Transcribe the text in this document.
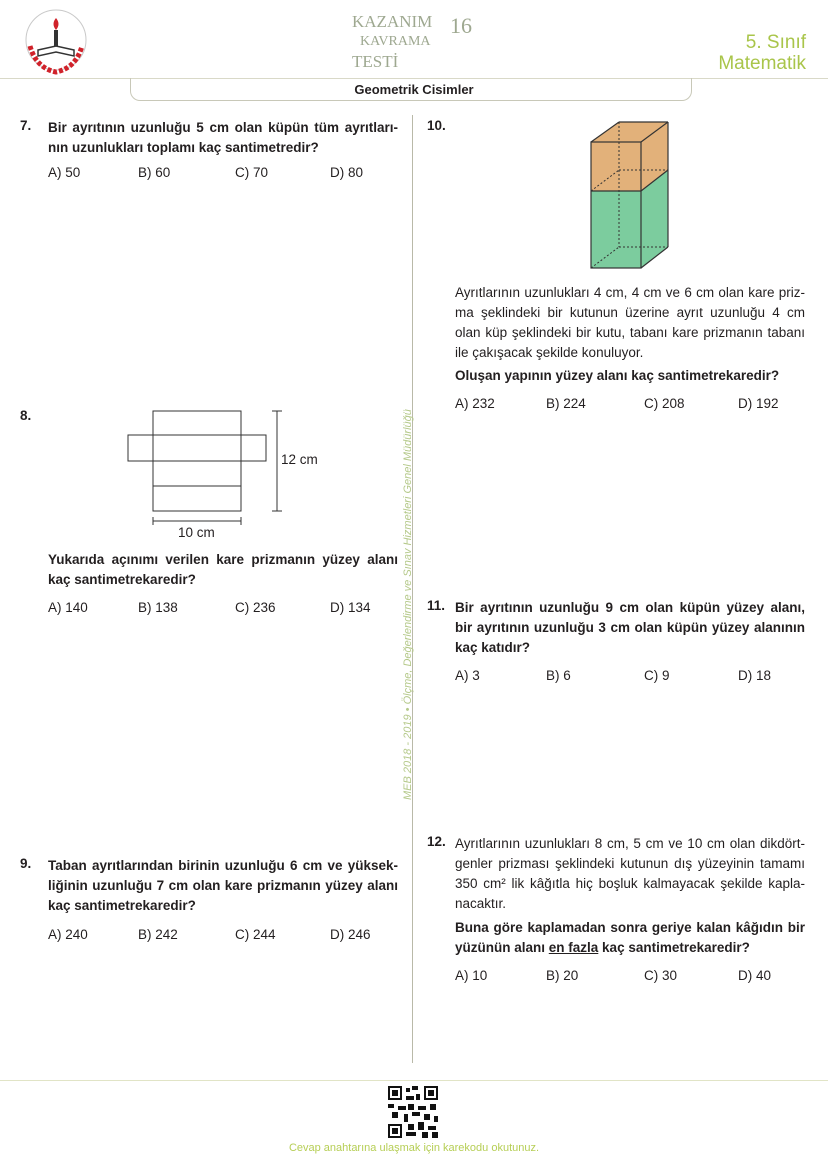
KAZANIM
KAVRAMA
TESTİ
16
5. Sınıf
Matematik
Geometrik Cisimler
MEB 2018 - 2019 • Ölçme, Değerlendirme ve Sınav Hizmetleri Genel Müdürlüğü
7. Bir ayrıtının uzunluğu 5 cm olan küpün tüm ayrıtları-
nın uzunlukları toplamı kaç santimetredir?
A) 50	B) 60	C) 70	D) 80
8.
12 cm
10 cm
Yukarıda açınımı verilen kare prizmanın yüzey alanı
kaç santimetrekaredir?
A) 140	B) 138	C) 236	D) 134
9. Taban ayrıtlarından birinin uzunluğu 6 cm ve yüksek-
liğinin uzunluğu 7 cm olan kare prizmanın yüzey alanı
kaç santimetrekaredir?
A) 240	B) 242	C) 244	D) 246
10.
Ayrıtlarının uzunlukları 4 cm, 4 cm ve 6 cm olan kare priz-
ma şeklindeki bir kutunun üzerine ayrıt uzunluğu 4 cm
olan küp şeklindeki bir kutu, tabanı kare prizmanın tabanı
ile çakışacak şekilde konuluyor.
Oluşan yapının yüzey alanı kaç santimetrekaredir?
A) 232	B) 224	C) 208	D) 192
11. Bir ayrıtının uzunluğu 9 cm olan küpün yüzey alanı,
bir ayrıtının uzunluğu 3 cm olan küpün yüzey alanının
kaç katıdır?
A) 3	B) 6	C) 9	D) 18
12. Ayrıtlarının uzunlukları 8 cm, 5 cm ve 10 cm olan dikdört-
genler prizması şeklindeki kutunun dış yüzeyinin tamamı
350 cm² lik kâğıtla hiç boşluk kalmayacak şekilde kapla-
nacaktır.
Buna göre kaplamadan sonra geriye kalan kâğıdın bir
yüzünün alanı en fazla kaç santimetrekaredir?
A) 10	B) 20	C) 30	D) 40
Cevap anahtarına ulaşmak için karekodu okutunuz.
